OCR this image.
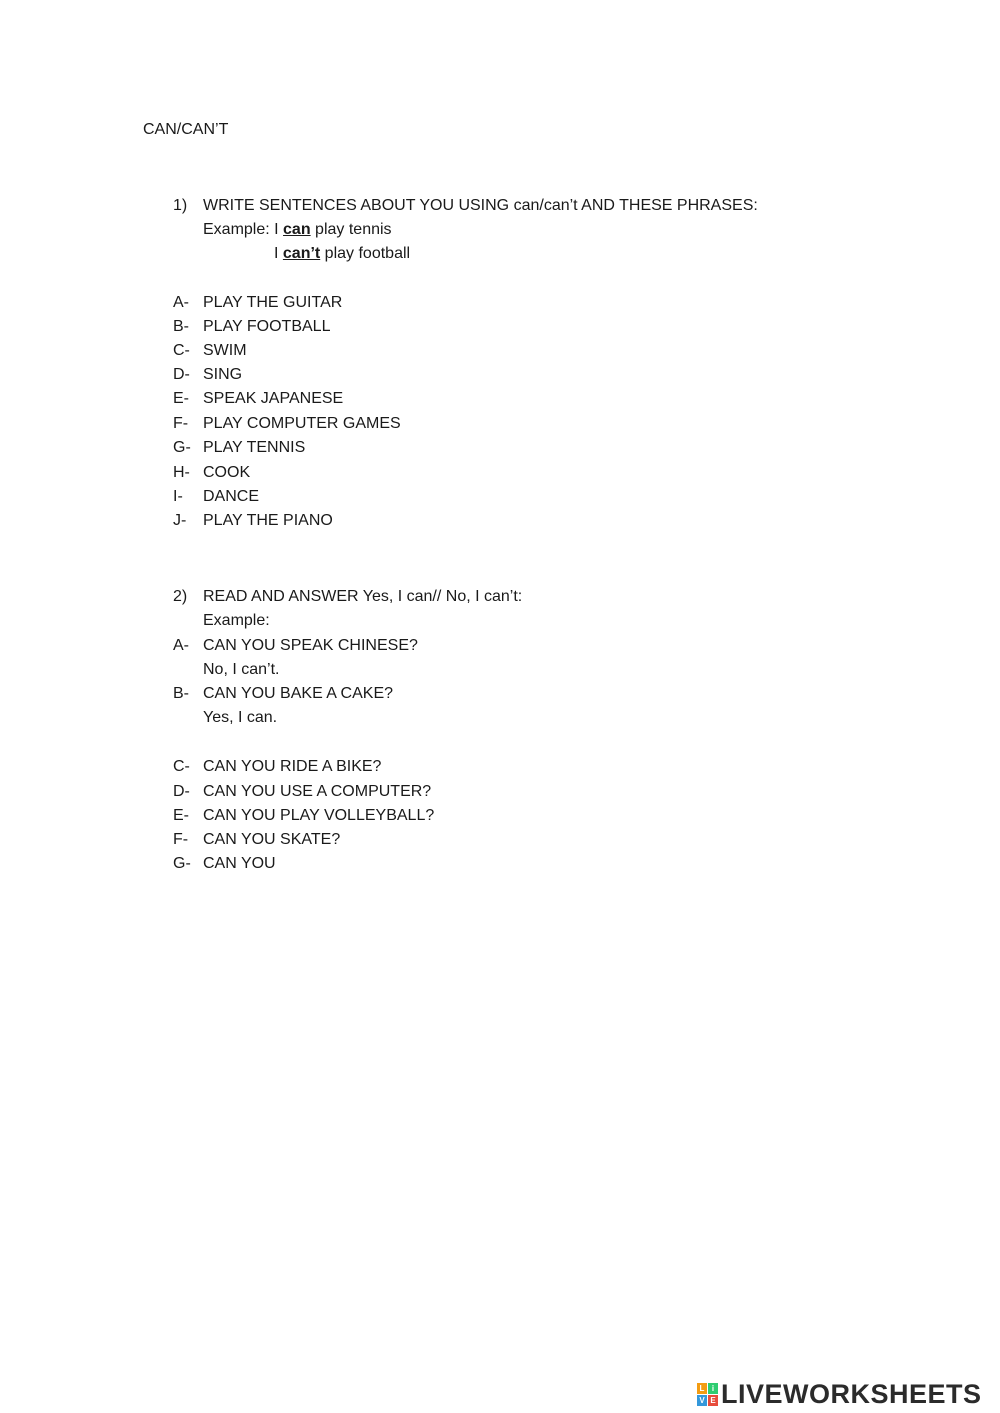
CAN/CAN’T
1) WRITE SENTENCES ABOUT YOU USING can/can’t AND THESE PHRASES:
Example: I can play tennis
I can’t play football
A- PLAY THE GUITAR
B- PLAY FOOTBALL
C- SWIM
D- SING
E- SPEAK JAPANESE
F- PLAY COMPUTER GAMES
G- PLAY TENNIS
H- COOK
I- DANCE
J- PLAY THE PIANO
2) READ AND ANSWER Yes, I can// No, I can’t:
Example:
A- CAN YOU SPEAK CHINESE?
No, I can’t.
B- CAN YOU BAKE A CAKE?
Yes, I can.
C- CAN YOU RIDE A BIKE?
D- CAN YOU USE A COMPUTER?
E- CAN YOU PLAY VOLLEYBALL?
F- CAN YOU SKATE?
G- CAN YOU
L i
V E LIVEWORKSHEETS
